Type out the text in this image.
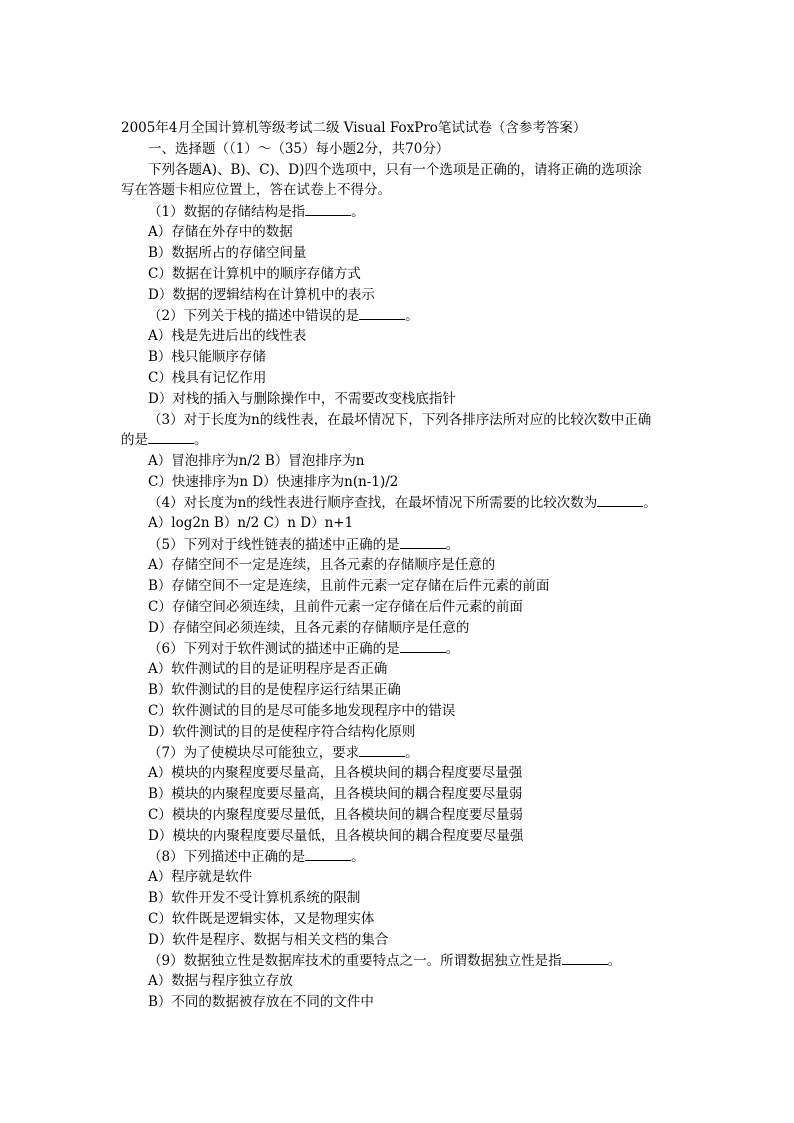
2005年4月全国计算机等级考试二级 Visual FoxPro笔试试卷（含参考答案）
一、选择题（（1）～（35）每小题2分，共70分）
下列各题A)、B)、C)、D)四个选项中，只有一个选项是正确的，请将正确的选项涂
写在答题卡相应位置上，答在试卷上不得分。
（1）数据的存储结构是指	。
A）存储在外存中的数据
B）数据所占的存储空间量
C）数据在计算机中的顺序存储方式
D）数据的逻辑结构在计算机中的表示
（2）下列关于栈的描述中错误的是	。
A）栈是先进后出的线性表
B）栈只能顺序存储
C）栈具有记忆作用
D）对栈的插入与删除操作中，不需要改变栈底指针
（3）对于长度为n的线性表，在最坏情况下，下列各排序法所对应的比较次数中正确
的是	。
A）冒泡排序为n/2 B）冒泡排序为n
C）快速排序为n D）快速排序为n(n-1)/2
（4）对长度为n的线性表进行顺序查找，在最坏情况下所需要的比较次数为	。
A）log2n B）n/2 C）n D）n+1
（5）下列对于线性链表的描述中正确的是	。
A）存储空间不一定是连续，且各元素的存储顺序是任意的
B）存储空间不一定是连续，且前件元素一定存储在后件元素的前面
C）存储空间必须连续，且前件元素一定存储在后件元素的前面
D）存储空间必须连续，且各元素的存储顺序是任意的
（6）下列对于软件测试的描述中正确的是	。
A）软件测试的目的是证明程序是否正确
B）软件测试的目的是使程序运行结果正确
C）软件测试的目的是尽可能多地发现程序中的错误
D）软件测试的目的是使程序符合结构化原则
（7）为了使模块尽可能独立，要求	。
A）模块的内聚程度要尽量高，且各模块间的耦合程度要尽量强
B）模块的内聚程度要尽量高，且各模块间的耦合程度要尽量弱
C）模块的内聚程度要尽量低，且各模块间的耦合程度要尽量弱
D）模块的内聚程度要尽量低，且各模块间的耦合程度要尽量强
（8）下列描述中正确的是	。
A）程序就是软件
B）软件开发不受计算机系统的限制
C）软件既是逻辑实体，又是物理实体
D）软件是程序、数据与相关文档的集合
（9）数据独立性是数据库技术的重要特点之一。所谓数据独立性是指	。
A）数据与程序独立存放
B）不同的数据被存放在不同的文件中
